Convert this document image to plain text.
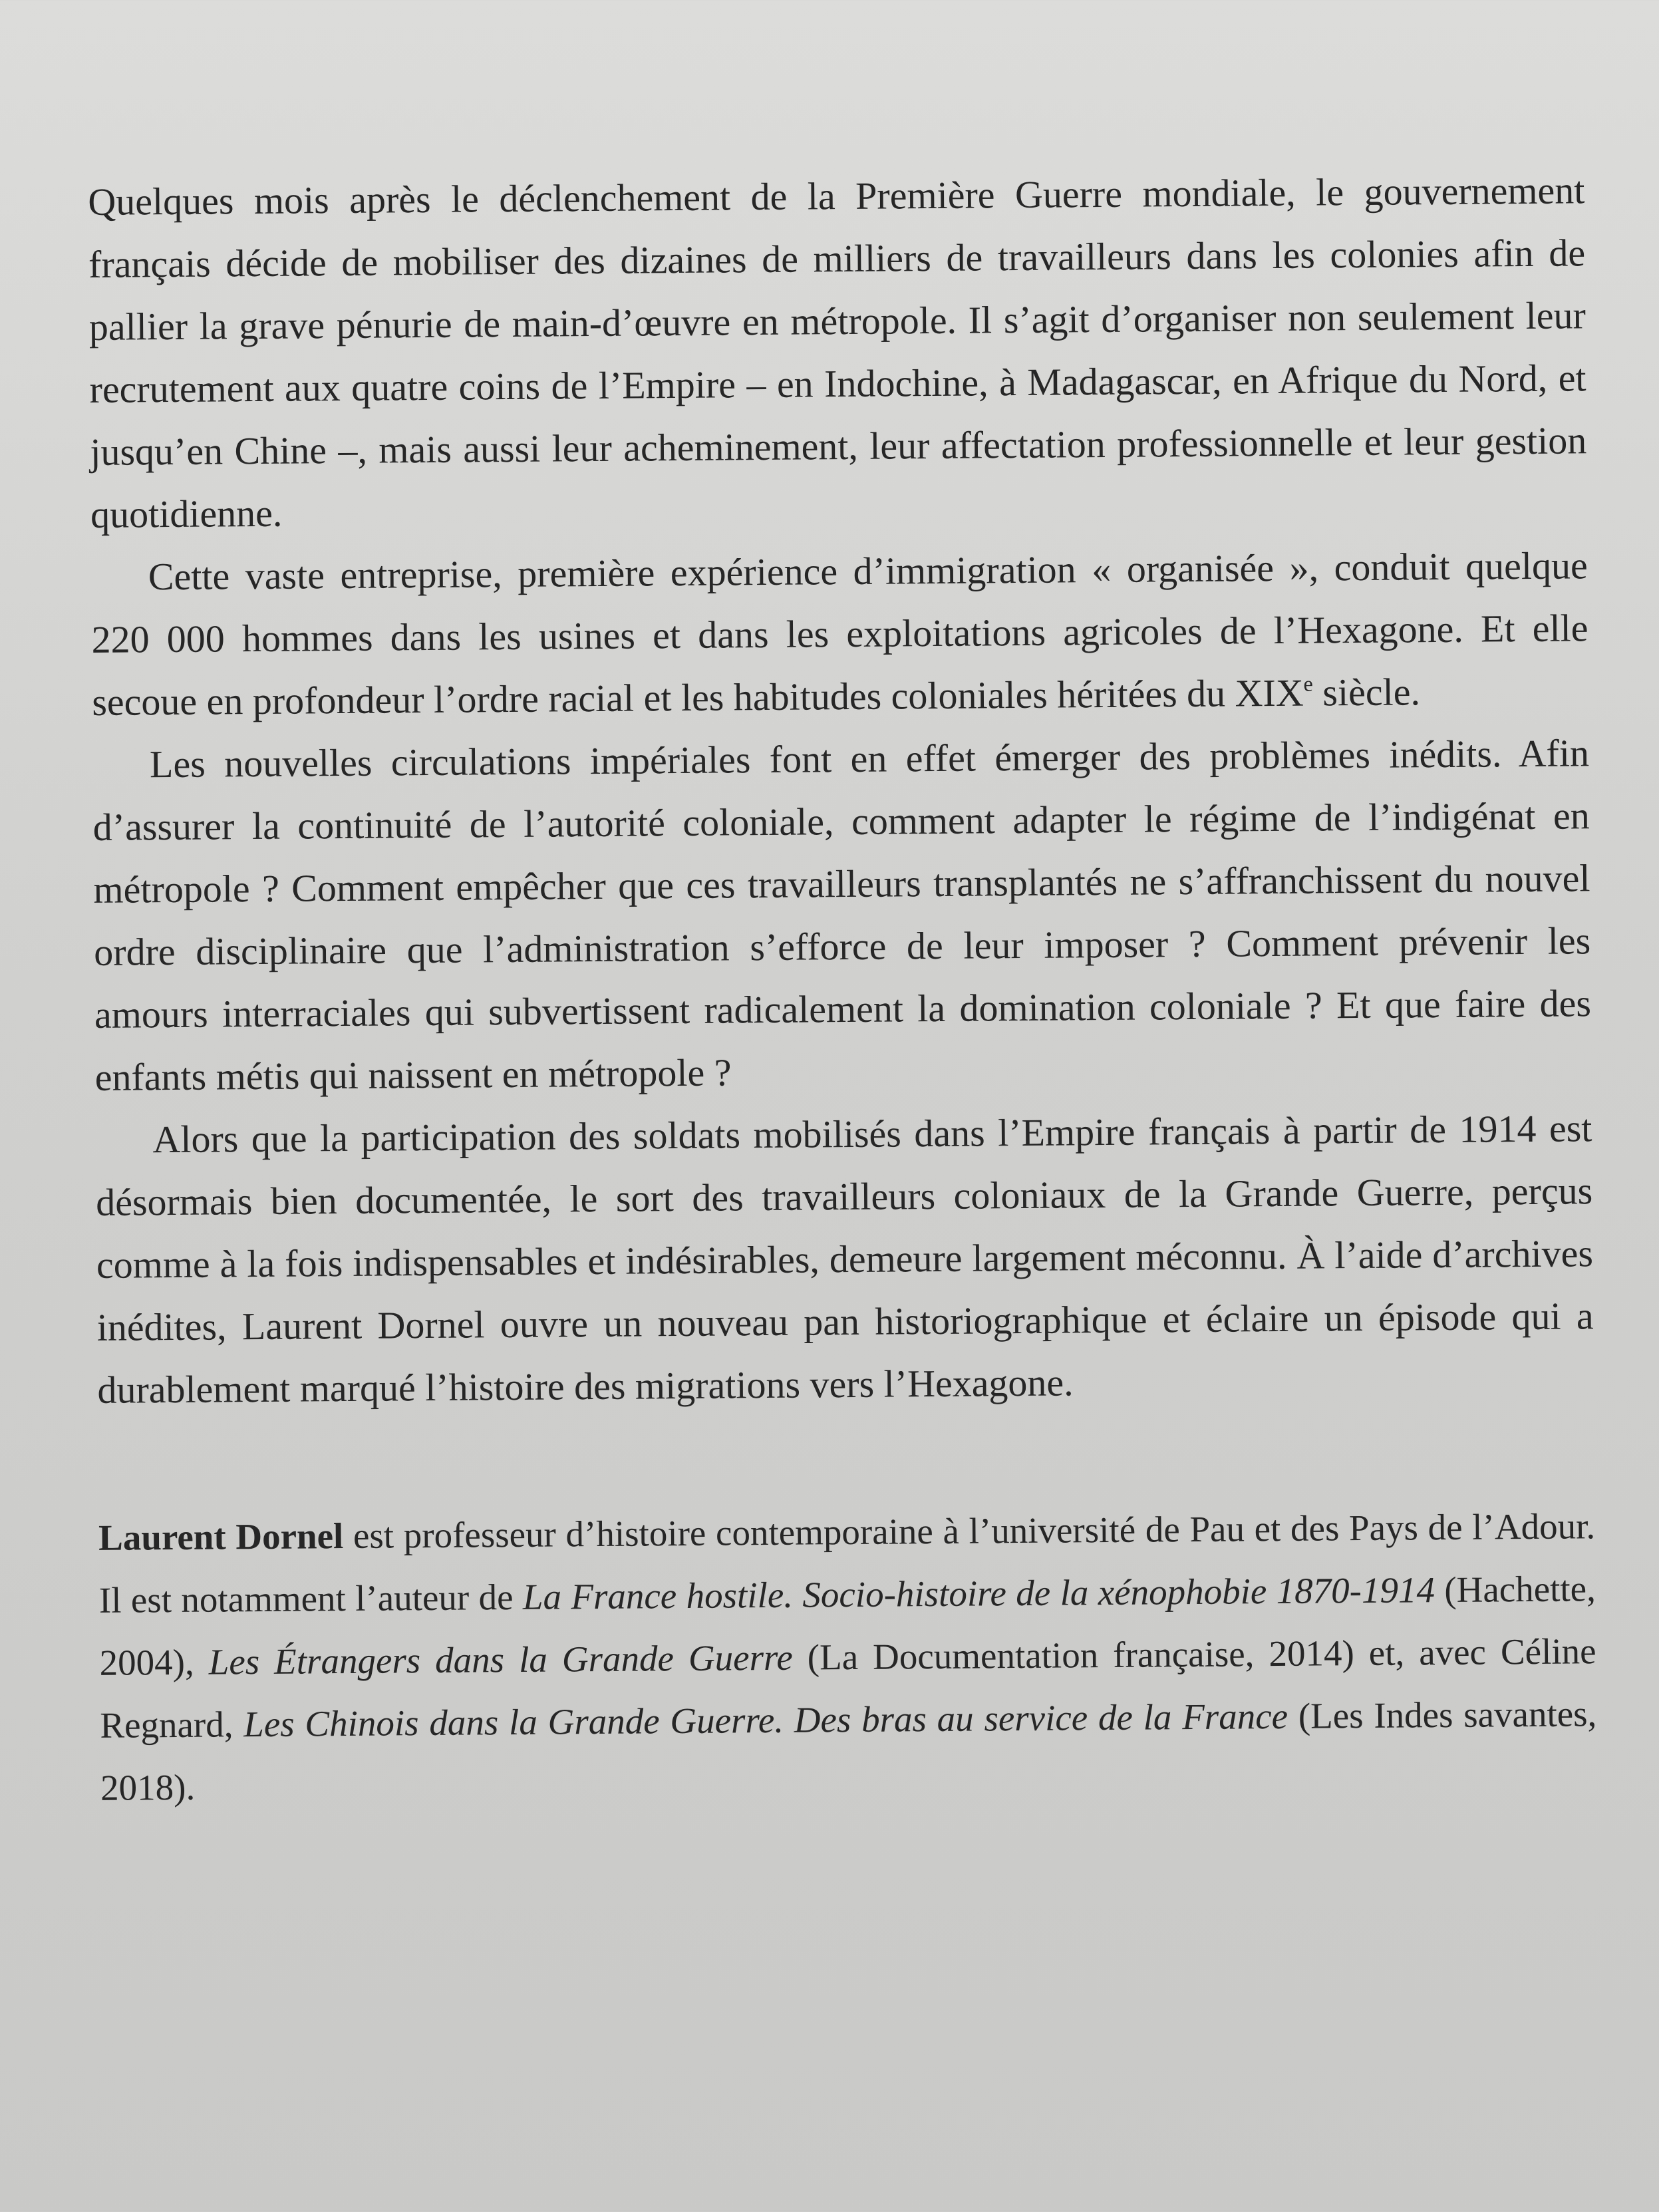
Quelques mois après le déclenchement de la Première Guerre mondiale, le gouvernement français décide de mobiliser des dizaines de milliers de travailleurs dans les colonies afin de pallier la grave pénurie de main-d’œuvre en métropole. Il s’agit d’organiser non seulement leur recrutement aux quatre coins de l’Empire – en Indochine, à Madagascar, en Afrique du Nord, et jusqu’en Chine –, mais aussi leur acheminement, leur affectation professionnelle et leur gestion quotidienne.

Cette vaste entreprise, première expérience d’immigration « organisée », conduit quelque 220 000 hommes dans les usines et dans les exploitations agricoles de l’Hexagone. Et elle secoue en profondeur l’ordre racial et les habitudes coloniales héritées du XIXe siècle.

Les nouvelles circulations impériales font en effet émerger des problèmes inédits. Afin d’assurer la continuité de l’autorité coloniale, comment adapter le régime de l’indigénat en métropole ? Comment empêcher que ces travailleurs transplantés ne s’affranchissent du nouvel ordre disciplinaire que l’administration s’efforce de leur imposer ? Comment prévenir les amours interraciales qui subvertissent radicalement la domination coloniale ? Et que faire des enfants métis qui naissent en métropole ?

Alors que la participation des soldats mobilisés dans l’Empire français à partir de 1914 est désormais bien documentée, le sort des travailleurs coloniaux de la Grande Guerre, perçus comme à la fois indispensables et indésirables, demeure largement méconnu. À l’aide d’archives inédites, Laurent Dornel ouvre un nouveau pan historiographique et éclaire un épisode qui a durablement marqué l’histoire des migrations vers l’Hexagone.

Laurent Dornel est professeur d’histoire contemporaine à l’université de Pau et des Pays de l’Adour. Il est notamment l’auteur de La France hostile. Socio-histoire de la xénophobie 1870-1914 (Hachette, 2004), Les Étrangers dans la Grande Guerre (La Documentation française, 2014) et, avec Céline Regnard, Les Chinois dans la Grande Guerre. Des bras au service de la France (Les Indes savantes, 2018).
